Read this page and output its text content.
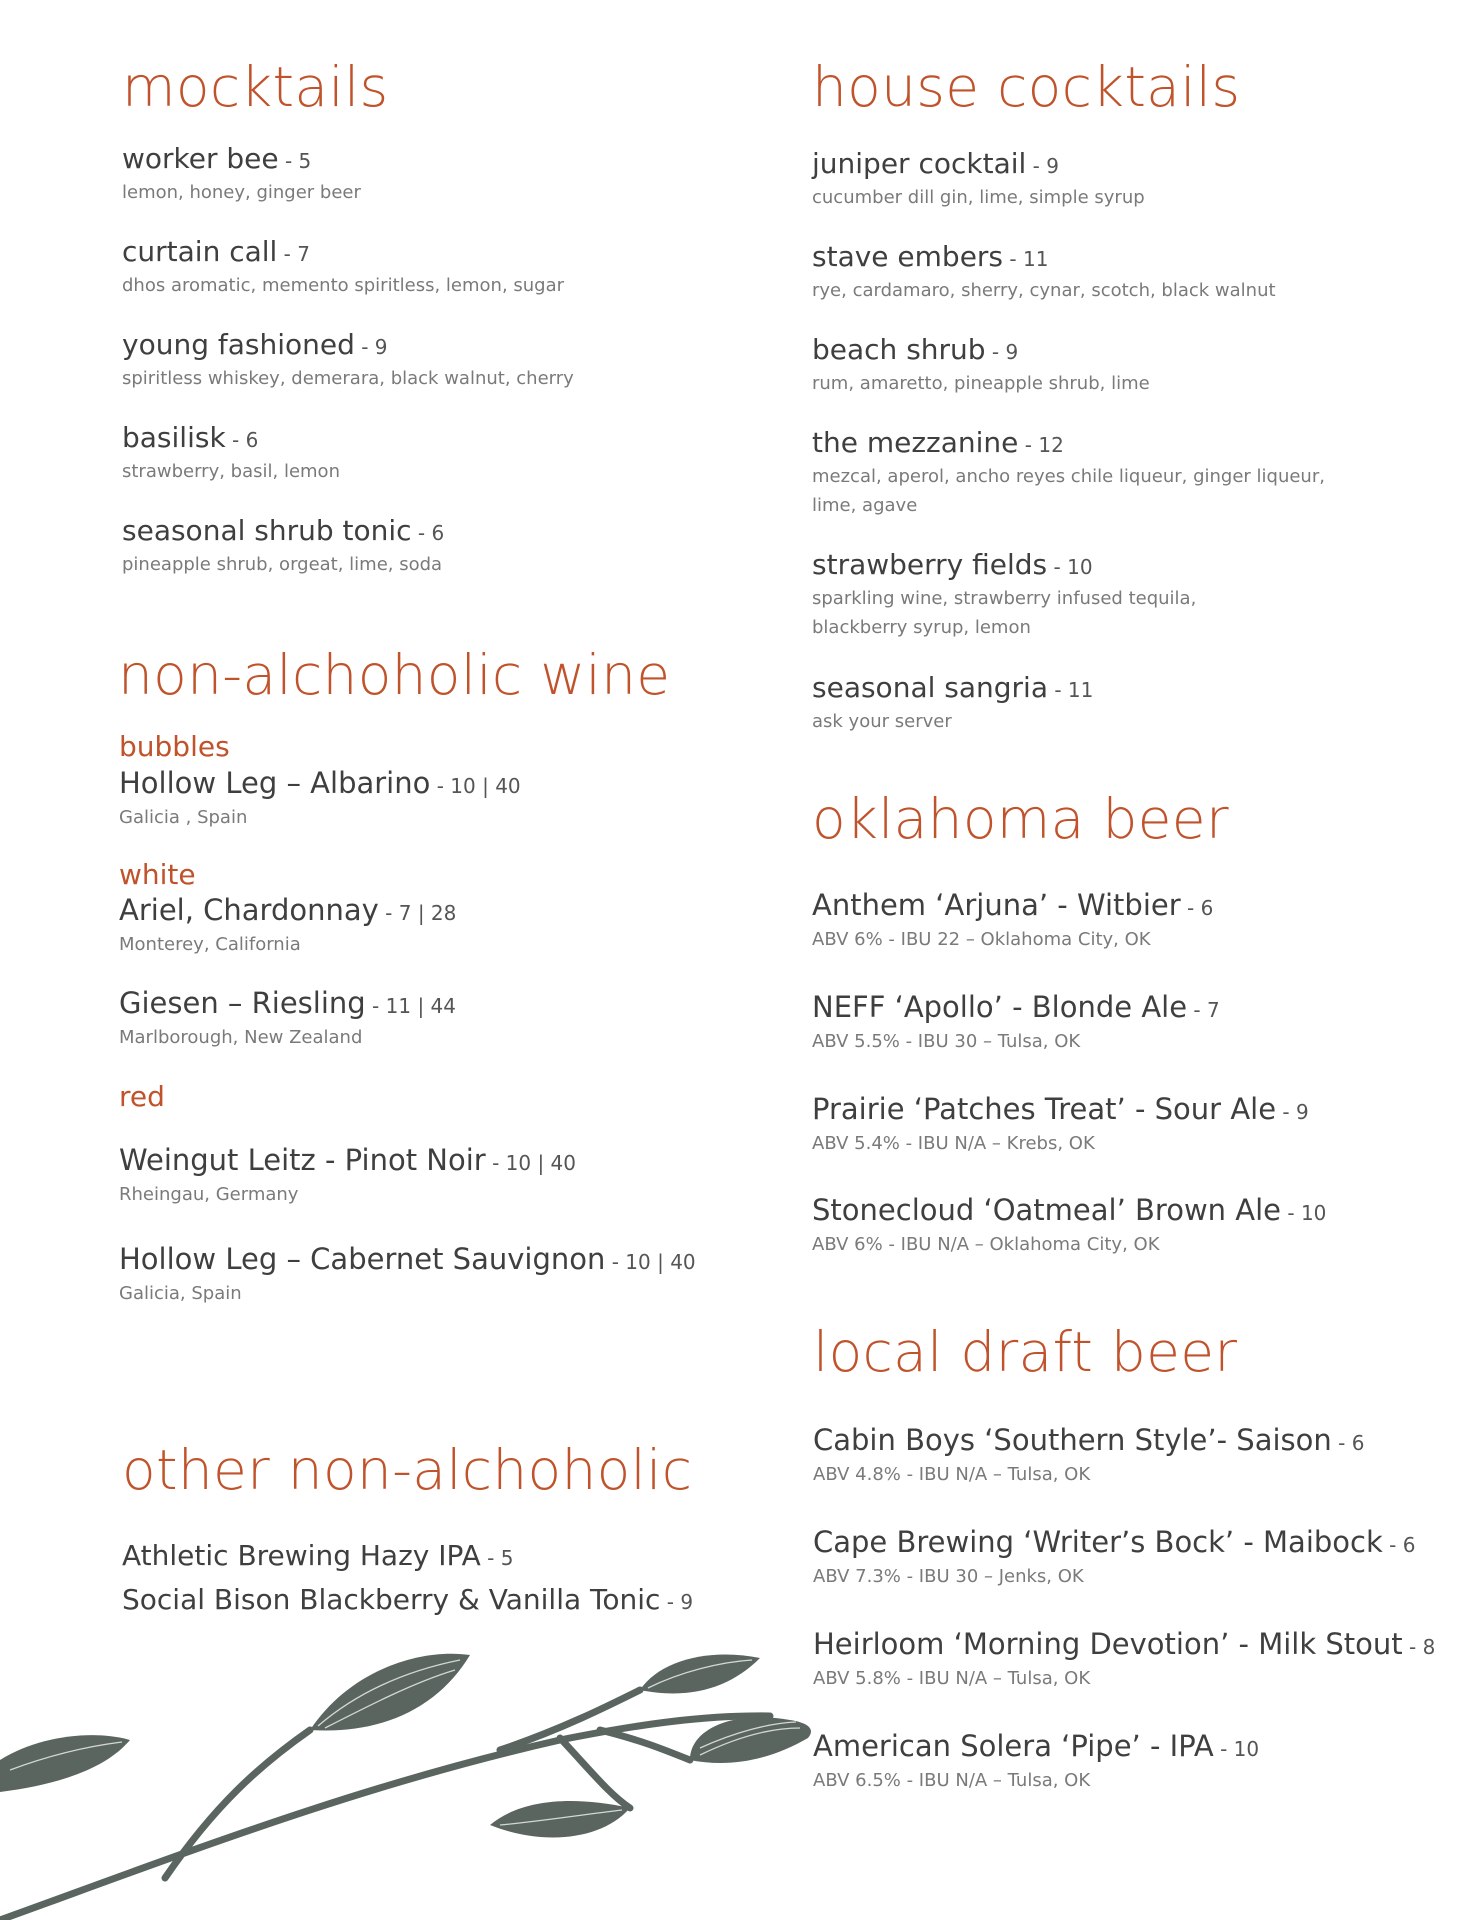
mocktails
worker bee - 5
lemon, honey, ginger beer
curtain call - 7
dhos aromatic, memento spiritless, lemon, sugar
young fashioned - 9
spiritless whiskey, demerara, black walnut, cherry
basilisk - 6
strawberry, basil, lemon
seasonal shrub tonic - 6
pineapple shrub, orgeat, lime, soda
non-alchoholic wine
bubbles
Hollow Leg – Albarino - 10 | 40
Galicia , Spain
white
Ariel, Chardonnay - 7 | 28
Monterey, California
Giesen – Riesling - 11 | 44
Marlborough, New Zealand
red
Weingut Leitz - Pinot Noir - 10 | 40
Rheingau, Germany
Hollow Leg – Cabernet Sauvignon - 10 | 40
Galicia, Spain
other non-alchoholic
Athletic Brewing Hazy IPA - 5
Social Bison Blackberry & Vanilla Tonic - 9
house cocktails
juniper cocktail - 9
cucumber dill gin, lime, simple syrup
stave embers - 11
rye, cardamaro, sherry, cynar, scotch, black walnut
beach shrub - 9
rum, amaretto, pineapple shrub, lime
the mezzanine - 12
mezcal, aperol, ancho reyes chile liqueur, ginger liqueur,
lime, agave
strawberry fields - 10
sparkling wine, strawberry infused tequila,
blackberry syrup, lemon
seasonal sangria - 11
ask your server
oklahoma beer
Anthem ‘Arjuna’ - Witbier - 6
ABV 6% - IBU 22 – Oklahoma City, OK
NEFF ‘Apollo’ - Blonde Ale - 7
ABV 5.5% - IBU 30 – Tulsa, OK
Prairie ‘Patches Treat’ - Sour Ale - 9
ABV 5.4% - IBU N/A – Krebs, OK
Stonecloud ‘Oatmeal’ Brown Ale - 10
ABV 6% - IBU N/A – Oklahoma City, OK
local draft beer
Cabin Boys ‘Southern Style’- Saison - 6
ABV 4.8% - IBU N/A – Tulsa, OK
Cape Brewing ‘Writer’s Bock’ - Maibock - 6
ABV 7.3% - IBU 30 – Jenks, OK
Heirloom ‘Morning Devotion’ - Milk Stout - 8
ABV 5.8% - IBU N/A – Tulsa, OK
American Solera ‘Pipe’ - IPA - 10
ABV 6.5% - IBU N/A – Tulsa, OK
